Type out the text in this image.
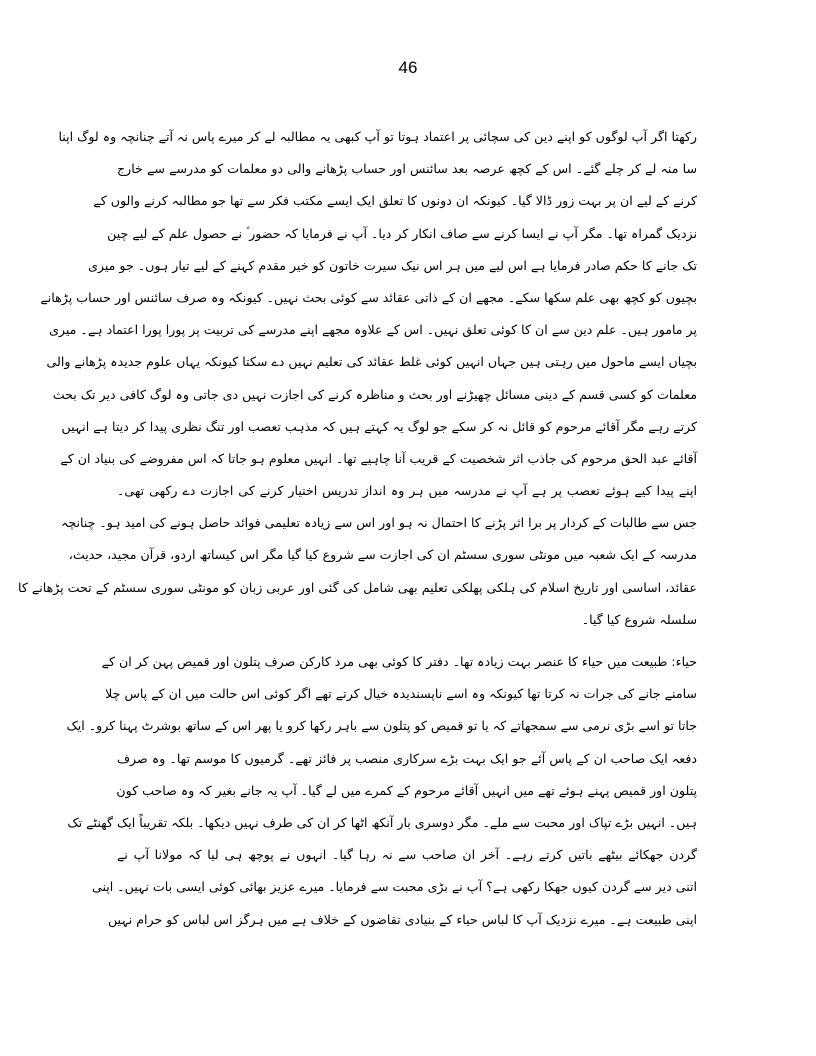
46
رکھتا اگر آپ لوگوں کو اپنے دین کی سچائی پر اعتماد ہوتا تو آپ کبھی یہ مطالبہ لے کر میرے پاس نہ آتے چنانچہ وہ لوگ اپنا
سا منہ لے کر چلے گئے۔ اس کے کچھ عرصہ بعد سائنس اور حساب پڑھانے والی دو معلمات کو مدرسے سے خارج
کرنے کے لیے ان پر بہت زور ڈالا گیا۔ کیونکہ ان دونوں کا تعلق ایک ایسے مکتب فکر سے تھا جو مطالبہ کرنے والوں کے
نزدیک گمراہ تھا۔ مگر آپ نے ایسا کرنے سے صاف انکار کر دیا۔ آپ نے فرمایا کہ حضور ؐ نے حصول علم کے لیے چین
تک جانے کا حکم صادر فرمایا ہے اس لیے میں ہر اس نیک سیرت خاتون کو خیر مقدم کہنے کے لیے تیار ہوں۔ جو میری
بچیوں کو کچھ بھی علم سکھا سکے۔ مجھے ان کے ذاتی عقائد سے کوئی بحث نہیں۔ کیونکہ وہ صرف سائنس اور حساب پڑھانے
پر مامور ہیں۔ علم دین سے ان کا کوئی تعلق نہیں۔ اس کے علاوہ مجھے اپنے مدرسے کی تربیت پر پورا پورا اعتماد ہے۔ میری
بچیاں ایسے ماحول میں رہتی ہیں جہاں انہیں کوئی غلط عقائد کی تعلیم نہیں دے سکتا کیونکہ یہاں علوم جدیدہ پڑھانے والی
معلمات کو کسی قسم کے دینی مسائل چھیڑنے اور بحث و مناظرہ کرنے کی اجازت نہیں دی جاتی وہ لوگ کافی دیر تک بحث
کرتے رہے مگر آقائے مرحوم کو قائل نہ کر سکے جو لوگ یہ کہتے ہیں کہ مذہب تعصب اور تنگ نظری پیدا کر دیتا ہے انہیں
آقائے عبد الحق مرحوم کی جاذب اثر شخصیت کے قریب آنا چاہیے تھا۔ انہیں معلوم ہو جاتا کہ اس مفروضے کی بنیاد ان کے
اپنے پیدا کیے ہوئے تعصب پر ہے آپ نے مدرسہ میں ہر وہ انداز تدریس اختیار کرنے کی اجازت دے رکھی تھی۔
جس سے طالبات کے کردار پر برا اثر پڑنے کا احتمال نہ ہو اور اس سے زیادہ تعلیمی فوائد حاصل ہونے کی امید ہو۔ چنانچہ
مدرسہ کے ایک شعبہ میں مونٹی سوری سسٹم ان کی اجازت سے شروع کیا گیا مگر اس کیساتھ اردو، قرآن مجید، حدیث،
عقائد، اساسی اور تاریخ اسلام کی ہلکی پھلکی تعلیم بھی شامل کی گئی اور عربی زبان کو مونٹی سوری سسٹم کے تحت پڑھانے کا
سلسلہ شروع کیا گیا۔
حیاء: طبیعت میں حیاء کا عنصر بہت زیادہ تھا۔ دفتر کا کوئی بھی مرد کارکن صرف پتلون اور قمیص پہن کر ان کے
سامنے جانے کی جرات نہ کرتا تھا کیونکہ وہ اسے ناپسندیدہ خیال کرتے تھے اگر کوئی اس حالت میں ان کے پاس چلا
جاتا تو اسے بڑی نرمی سے سمجھاتے کہ یا تو قمیص کو پتلون سے باہر رکھا کرو یا پھر اس کے ساتھ بوشرٹ پہنا کرو۔ ایک
دفعہ ایک صاحب ان کے پاس آئے جو ایک بہت بڑے سرکاری منصب پر فائز تھے۔ گرمیوں کا موسم تھا۔ وہ صرف
پتلون اور قمیص پہنے ہوئے تھے میں انہیں آقائے مرحوم کے کمرے میں لے گیا۔ آپ یہ جانے بغیر کہ وہ صاحب کون
ہیں۔ انہیں بڑے تپاک اور محبت سے ملے۔ مگر دوسری بار آنکھ اٹھا کر ان کی طرف نہیں دیکھا۔ بلکہ تقریباً ایک گھنٹے تک
گردن جھکائے بیٹھے باتیں کرتے رہے۔ آخر ان صاحب سے نہ رہا گیا۔ انہوں نے پوچھ ہی لیا کہ مولانا آپ نے
اتنی دیر سے گردن کیوں جھکا رکھی ہے؟ آپ نے بڑی محبت سے فرمایا۔ میرے عزیز بھائی کوئی ایسی بات نہیں۔ اپنی
اپنی طبیعت ہے۔ میرے نزدیک آپ کا لباس حیاء کے بنیادی تقاضوں کے خلاف ہے میں ہرگز اس لباس کو حرام نہیں
